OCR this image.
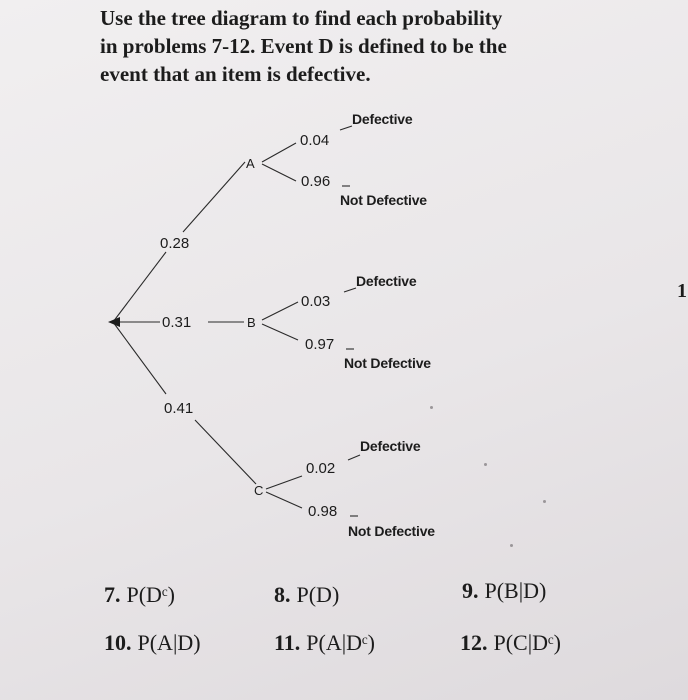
Use the tree diagram to find each probability
in problems 7-12. Event D is defined to be the
event that an item is defective.
1
0.28
0.31
0.41
A
B
C
0.04
Defective
0.96
Not Defective
0.03
Defective
0.97
Not Defective
0.02
Defective
0.98
Not Defective
7. P(Dᶜ)	8. P(D)	9. P(B|D)
10. P(A|D)	11. P(A|Dᶜ)	12. P(C|Dᶜ)
